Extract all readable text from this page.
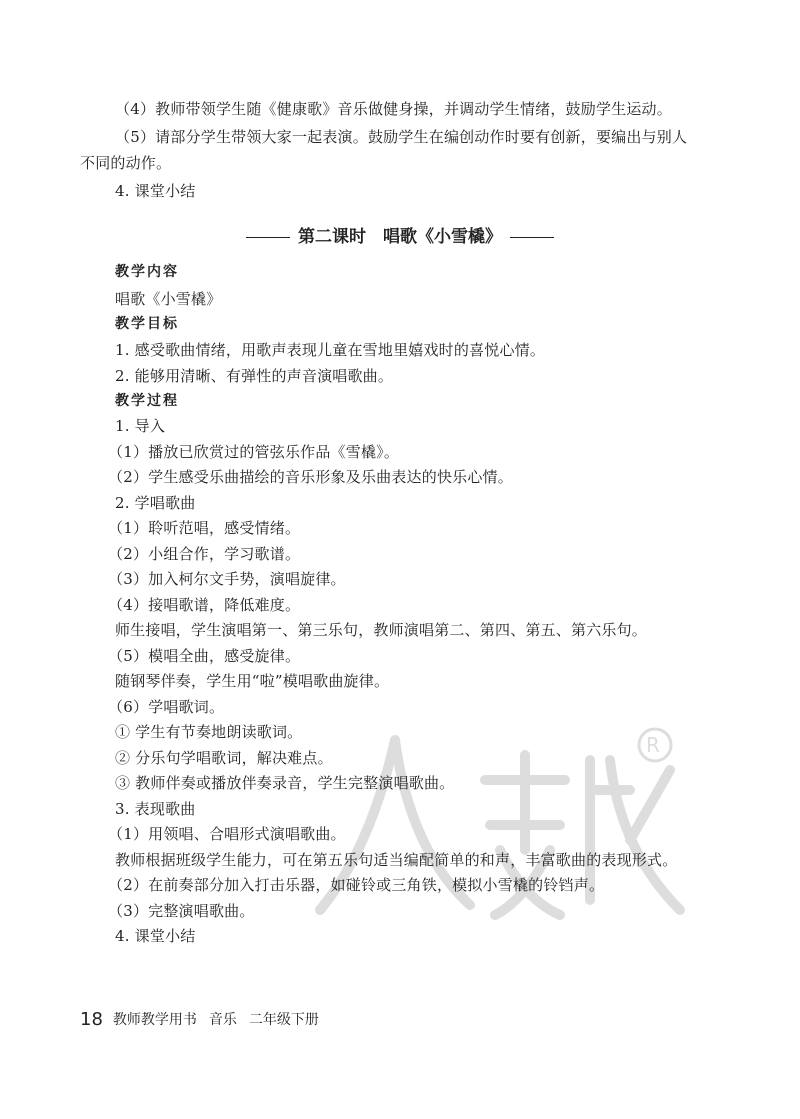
R
（4）教师带领学生随《健康歌》音乐做健身操，并调动学生情绪，鼓励学生运动。
（5）请部分学生带领大家一起表演。鼓励学生在编创动作时要有创新，要编出与别人
不同的动作。
4. 课堂小结
第二课时　唱歌《小雪橇》
教学内容
唱歌《小雪橇》
教学目标
1. 感受歌曲情绪，用歌声表现儿童在雪地里嬉戏时的喜悦心情。
2. 能够用清晰、有弹性的声音演唱歌曲。
教学过程
1. 导入
（1）播放已欣赏过的管弦乐作品《雪橇》。
（2）学生感受乐曲描绘的音乐形象及乐曲表达的快乐心情。
2. 学唱歌曲
（1）聆听范唱，感受情绪。
（2）小组合作，学习歌谱。
（3）加入柯尔文手势，演唱旋律。
（4）接唱歌谱，降低难度。
师生接唱，学生演唱第一、第三乐句，教师演唱第二、第四、第五、第六乐句。
（5）模唱全曲，感受旋律。
随钢琴伴奏，学生用“啦”模唱歌曲旋律。
（6）学唱歌词。
① 学生有节奏地朗读歌词。
② 分乐句学唱歌词，解决难点。
③ 教师伴奏或播放伴奏录音，学生完整演唱歌曲。
3. 表现歌曲
（1）用领唱、合唱形式演唱歌曲。
教师根据班级学生能力，可在第五乐句适当编配简单的和声，丰富歌曲的表现形式。
（2）在前奏部分加入打击乐器，如碰铃或三角铁，模拟小雪橇的铃铛声。
（3）完整演唱歌曲。
4. 课堂小结
18 教师教学用书 音乐 二年级下册
